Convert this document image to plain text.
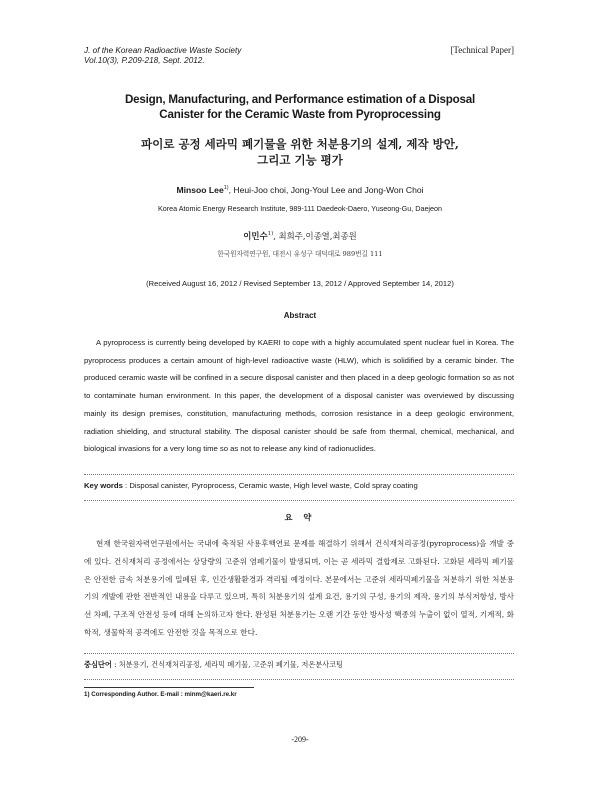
J. of the Korean Radioactive Waste Society
Vol.10(3), P.209-218, Sept. 2012.
[Technical Paper]
Design, Manufacturing, and Performance estimation of a Disposal
Canister for the Ceramic Waste from Pyroprocessing
파이로 공정 세라믹 폐기물을 위한 처분용기의 설계, 제작 방안,
그리고 기능 평가
Minsoo Lee$^{1)}$, Heui-Joo choi, Jong-Youl Lee and Jong-Won Choi
Korea Atomic Energy Research Institute, 989-111 Daedeok-Daero, Yuseong-Gu, Daejeon
이민수$^{1)}$, 최희주,이종열,최종원
한국원자력연구원, 대전시 유성구 대덕대로 989번길 111
(Received August 16, 2012 / Revised September 13, 2012 / Approved September 14, 2012)
Abstract
A pyroprocess is currently being developed by KAERI to cope with a highly accumulated spent nuclear fuel in Korea. The pyroprocess produces a certain amount of high-level radioactive waste (HLW), which is solidified by a ceramic binder. The produced ceramic waste will be confined in a secure disposal canister and then placed in a deep geologic formation so as not to contaminate human environment. In this paper, the development of a disposal canister was overviewed by discussing mainly its design premises, constitution, manufacturing methods, corrosion resistance in a deep geologic environment, radiation shielding, and structural stability. The disposal canister should be safe from thermal, chemical, mechanical, and biological invasions for a very long time so as not to release any kind of radionuclides.
Key words : Disposal canister, Pyroprocess, Ceramic waste, High level waste, Cold spray coating
요 약
현재 한국원자력연구원에서는 국내에 축적된 사용후핵연료 문제를 해결하기 위해서 건식재처리공정(pyroprocess)을 개발 중에 있다. 건식재처리 공정에서는 상당량의 고준위 염폐기물이 발생되며, 이는 곧 세라믹 결합제로 고화된다. 고화된 세라믹 폐기물은 안전한 금속 처분용기에 밀폐된 후, 인간생활환경과 격리될 예정이다. 본문에서는 고준위 세라믹폐기물을 처분하기 위한 처분용기의 개발에 관한 전반적인 내용을 다루고 있으며, 특히 처분용기의 설계 요건, 용기의 구성, 용기의 제작, 용기의 부식저항성, 방사선 차폐, 구조적 안전성 등에 대해 논의하고자 한다. 완성된 처분용기는 오랜 기간 동안 방사성 핵종의 누출이 없이 열적, 기계적, 화학적, 생물학적 공격에도 안전한 것을 목적으로 한다.
중심단어 : 처분용기, 건식재처리공정, 세라믹 폐기물, 고준위 폐기물, 저온분사코팅
1) Corresponding Author. E-mail : minm@kaeri.re.kr
-209-
